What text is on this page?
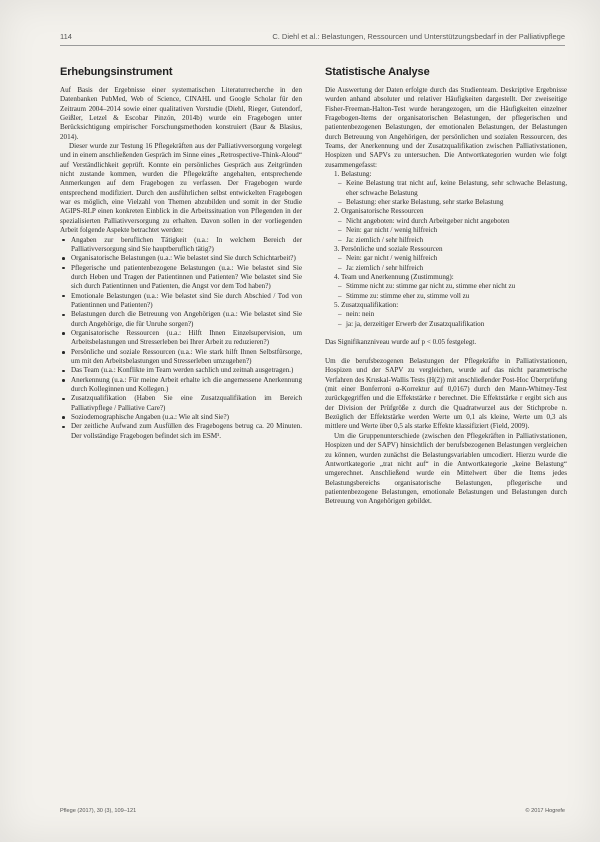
114	C. Diehl et al.: Belastungen, Ressourcen und Unterstützungsbedarf in der Palliativpflege
Erhebungsinstrument

Auf Basis der Ergebnisse einer systematischen Literaturrecherche in den Datenbanken PubMed, Web of Science, CINAHL und Google Scholar für den Zeitraum 2004–2014 sowie einer qualitativen Vorstudie (Diehl, Rieger, Gutendorf, Geißler, Letzel & Escobar Pinzón, 2014b) wurde ein Fragebogen unter Berücksichtigung empirischer Forschungsmethoden konstruiert (Baur & Blasius, 2014).

Dieser wurde zur Testung 16 Pflegekräften aus der Palliativversorgung vorgelegt und in einem anschließenden Gespräch im Sinne eines „Retrospective-Think-Aloud“ auf Verständlichkeit geprüft. Konnte ein persönliches Gespräch aus Zeitgründen nicht zustande kommen, wurden die Pflegekräfte angehalten, entsprechende Anmerkungen auf dem Fragebogen zu verfassen. Der Fragebogen wurde entsprechend modifiziert. Durch den ausführlichen selbst entwickelten Fragebogen war es möglich, eine Vielzahl von Themen abzubilden und somit in der Studie AGIPS-RLP einen konkreten Einblick in die Arbeitssituation von Pflegenden in der spezialisierten Palliativversorgung zu erhalten. Davon sollen in der vorliegenden Arbeit folgende Aspekte betrachtet werden:

Angaben zur beruflichen Tätigkeit (u.a.: In welchem Bereich der Palliativversorgung sind Sie hauptberuflich tätig?)
Organisatorische Belastungen (u.a.: Wie belastet sind Sie durch Schichtarbeit?)
Pflegerische und patientenbezogene Belastungen (u.a.: Wie belastet sind Sie durch Heben und Tragen der Patientinnen und Patienten? Wie belastet sind Sie sich durch Patientinnen und Patienten, die Angst vor dem Tod haben?)
Emotionale Belastungen (u.a.: Wie belastet sind Sie durch Abschied / Tod von Patientinnen und Patienten?)
Belastungen durch die Betreuung von Angehörigen (u.a.: Wie belastet sind Sie durch Angehörige, die für Unruhe sorgen?)
Organisatorische Ressourcen (u.a.: Hilft Ihnen Einzelsupervision, um Arbeitsbelastungen und Stresserleben bei Ihrer Arbeit zu reduzieren?)
Persönliche und soziale Ressourcen (u.a.: Wie stark hilft Ihnen Selbstfürsorge, um mit den Arbeitsbelastungen und Stresserleben umzugehen?)
Das Team (u.a.: Konflikte im Team werden sachlich und zeitnah ausgetragen.)
Anerkennung (u.a.: Für meine Arbeit erhalte ich die angemessene Anerkennung durch Kolleginnen und Kollegen.)
Zusatzqualifikation (Haben Sie eine Zusatzqualifikation im Bereich Palliativpflege / Palliative Care?)
Soziodemographische Angaben (u.a.: Wie alt sind Sie?)
Der zeitliche Aufwand zum Ausfüllen des Fragebogens betrug ca. 20 Minuten. Der vollständige Fragebogen befindet sich im ESM¹.
Statistische Analyse

Die Auswertung der Daten erfolgte durch das Studienteam. Deskriptive Ergebnisse wurden anhand absoluter und relativer Häufigkeiten dargestellt. Der zweiseitige Fisher-Freeman-Halton-Test wurde herangezogen, um die Häufigkeiten einzelner Fragebogen-Items der organisatorischen Belastungen, der pflegerischen und patientenbezogenen Belastungen, der emotionalen Belastungen, der Belastungen durch Betreuung von Angehörigen, der persönlichen und sozialen Ressourcen, des Teams, der Anerkennung und der Zusatzqualifikation zwischen Palliativstationen, Hospizen und SAPVs zu untersuchen. Die Antwortkategorien wurden wie folgt zusammengefasst:

1. Belastung:
– Keine Belastung trat nicht auf, keine Belastung, sehr schwache Belastung, eher schwache Belastung
– Belastung: eher starke Belastung, sehr starke Belastung
2. Organisatorische Ressourcen
– Nicht angeboten: wird durch Arbeitgeber nicht angeboten
– Nein: gar nicht / wenig hilfreich
– Ja: ziemlich / sehr hilfreich
3. Persönliche und soziale Ressourcen
– Nein: gar nicht / wenig hilfreich
– Ja: ziemlich / sehr hilfreich
4. Team und Anerkennung (Zustimmung):
– Stimme nicht zu: stimme gar nicht zu, stimme eher nicht zu
– Stimme zu: stimme eher zu, stimme voll zu
5. Zusatzqualifikation:
– nein: nein
– ja: ja, derzeitiger Erwerb der Zusatzqualifikation

Das Signifikanzniveau wurde auf p < 0.05 festgelegt.

Um die berufsbezogenen Belastungen der Pflegekräfte in Palliativstationen, Hospizen und der SAPV zu vergleichen, wurde auf das nicht parametrische Verfahren des Kruskal-Wallis Tests (H(2)) mit anschließender Post-Hoc Überprüfung (mit einer Bonferroni α-Korrektur auf 0,0167) durch den Mann-Whitney-Test zurückgegriffen und die Effektstärke r berechnet. Die Effektstärke r ergibt sich aus der Division der Prüfgröße z durch die Quadratwurzel aus der Stichprobe n. Bezüglich der Effektstärke werden Werte um 0,1 als kleine, Werte um 0,3 als mittlere und Werte über 0,5 als starke Effekte klassifiziert (Field, 2009).

Um die Gruppenunterschiede (zwischen den Pflegekräften in Palliativstationen, Hospizen und der SAPV) hinsichtlich der berufsbezogenen Belastungen vergleichen zu können, wurden zunächst die Belastungsvariablen umcodiert. Hierzu wurde die Antwortkategorie „trat nicht auf“ in die Antwortkategorie „keine Belastung“ umgerechnet. Anschließend wurde ein Mittelwert über die Items jedes Belastungsbereichs organisatorische Belastungen, pflegerische und patientenbezogene Belastungen, emotionale Belastungen und Belastungen durch Betreuung von Angehörigen gebildet.

Pflege (2017), 30 (3), 109–121	© 2017 Hogrefe
